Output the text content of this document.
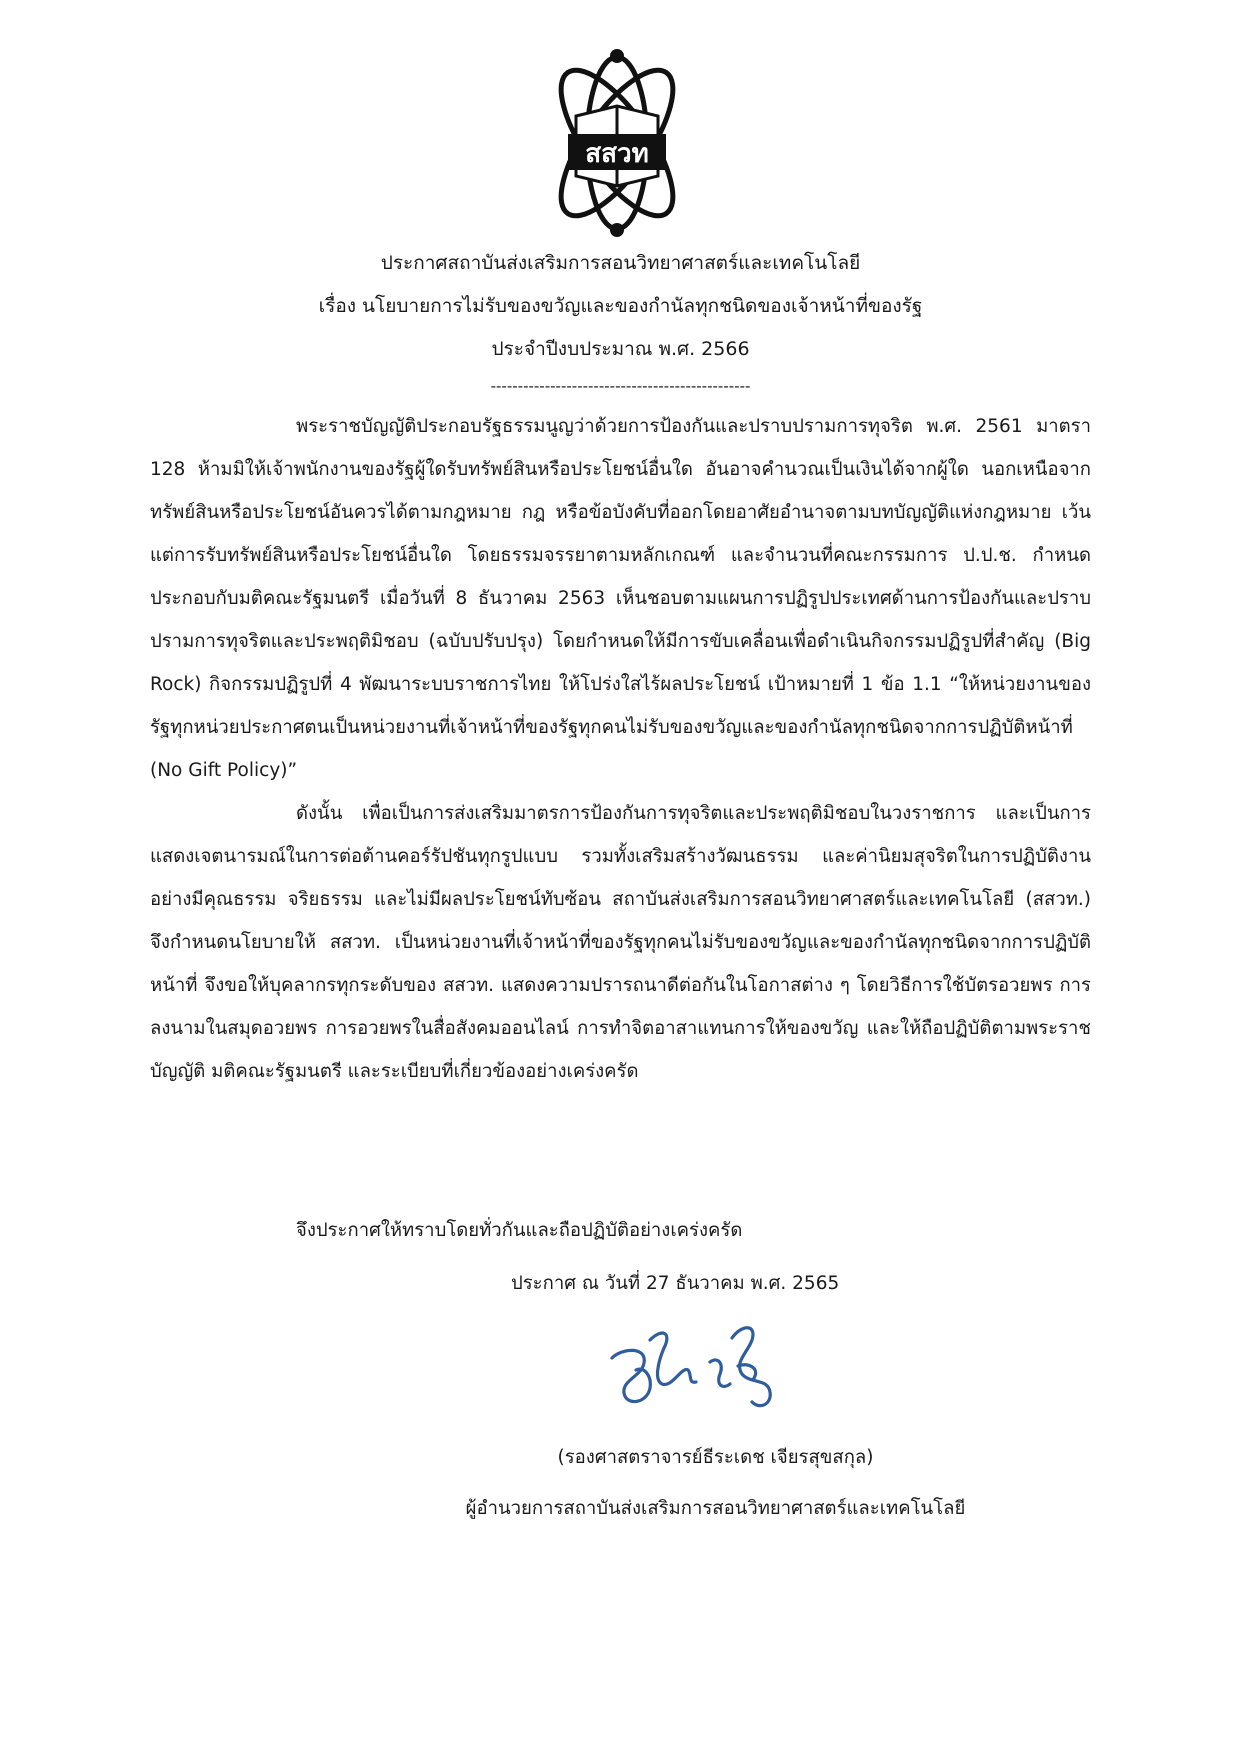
สสวท
ประกาศสถาบันส่งเสริมการสอนวิทยาศาสตร์และเทคโนโลยี
เรื่อง นโยบายการไม่รับของขวัญและของกำนัลทุกชนิดของเจ้าหน้าที่ของรัฐ
ประจำปีงบประมาณ พ.ศ. 2566
------------------------------------------------

พระราชบัญญัติประกอบรัฐธรรมนูญว่าด้วยการป้องกันและปราบปรามการทุจริต พ.ศ. 2561 มาตรา 128 ห้ามมิให้เจ้าพนักงานของรัฐผู้ใดรับทรัพย์สินหรือประโยชน์อื่นใด อันอาจคำนวณเป็นเงินได้จากผู้ใด นอกเหนือจากทรัพย์สินหรือประโยชน์อันควรได้ตามกฎหมาย กฎ หรือข้อบังคับที่ออกโดยอาศัยอำนาจตามบทบัญญัติแห่งกฎหมาย เว้นแต่การรับทรัพย์สินหรือประโยชน์อื่นใด โดยธรรมจรรยาตามหลักเกณฑ์ และจำนวนที่คณะกรรมการ ป.ป.ช. กำหนด ประกอบกับมติคณะรัฐมนตรี เมื่อวันที่ 8 ธันวาคม 2563 เห็นชอบตามแผนการปฏิรูปประเทศด้านการป้องกันและปราบปรามการทุจริตและประพฤติมิชอบ (ฉบับปรับปรุง) โดยกำหนดให้มีการขับเคลื่อนเพื่อดำเนินกิจกรรมปฏิรูปที่สำคัญ (Big Rock) กิจกรรมปฏิรูปที่ 4 พัฒนาระบบราชการไทย ให้โปร่งใสไร้ผลประโยชน์ เป้าหมายที่ 1 ข้อ 1.1 “ให้หน่วยงานของรัฐทุกหน่วยประกาศตนเป็นหน่วยงานที่เจ้าหน้าที่ของรัฐทุกคนไม่รับของขวัญและของกำนัลทุกชนิดจากการปฏิบัติหน้าที่ (No Gift Policy)”

ดังนั้น เพื่อเป็นการส่งเสริมมาตรการป้องกันการทุจริตและประพฤติมิชอบในวงราชการ และเป็นการแสดงเจตนารมณ์ในการต่อต้านคอร์รัปชันทุกรูปแบบ รวมทั้งเสริมสร้างวัฒนธรรม และค่านิยมสุจริตในการปฏิบัติงานอย่างมีคุณธรรม จริยธรรม และไม่มีผลประโยชน์ทับซ้อน สถาบันส่งเสริมการสอนวิทยาศาสตร์และเทคโนโลยี (สสวท.) จึงกำหนดนโยบายให้ สสวท. เป็นหน่วยงานที่เจ้าหน้าที่ของรัฐทุกคนไม่รับของขวัญและของกำนัลทุกชนิดจากการปฏิบัติหน้าที่ จึงขอให้บุคลากรทุกระดับของ สสวท. แสดงความปรารถนาดีต่อกันในโอกาสต่าง ๆ โดยวิธีการใช้บัตรอวยพร การลงนามในสมุดอวยพร การอวยพรในสื่อสังคมออนไลน์ การทำจิตอาสาแทนการให้ของขวัญ และให้ถือปฏิบัติตามพระราชบัญญัติ มติคณะรัฐมนตรี และระเบียบที่เกี่ยวข้องอย่างเคร่งครัด

จึงประกาศให้ทราบโดยทั่วกันและถือปฏิบัติอย่างเคร่งครัด
ประกาศ ณ วันที่ 27 ธันวาคม พ.ศ. 2565
(รองศาสตราจารย์ธีระเดช เจียรสุขสกุล)
ผู้อำนวยการสถาบันส่งเสริมการสอนวิทยาศาสตร์และเทคโนโลยี
